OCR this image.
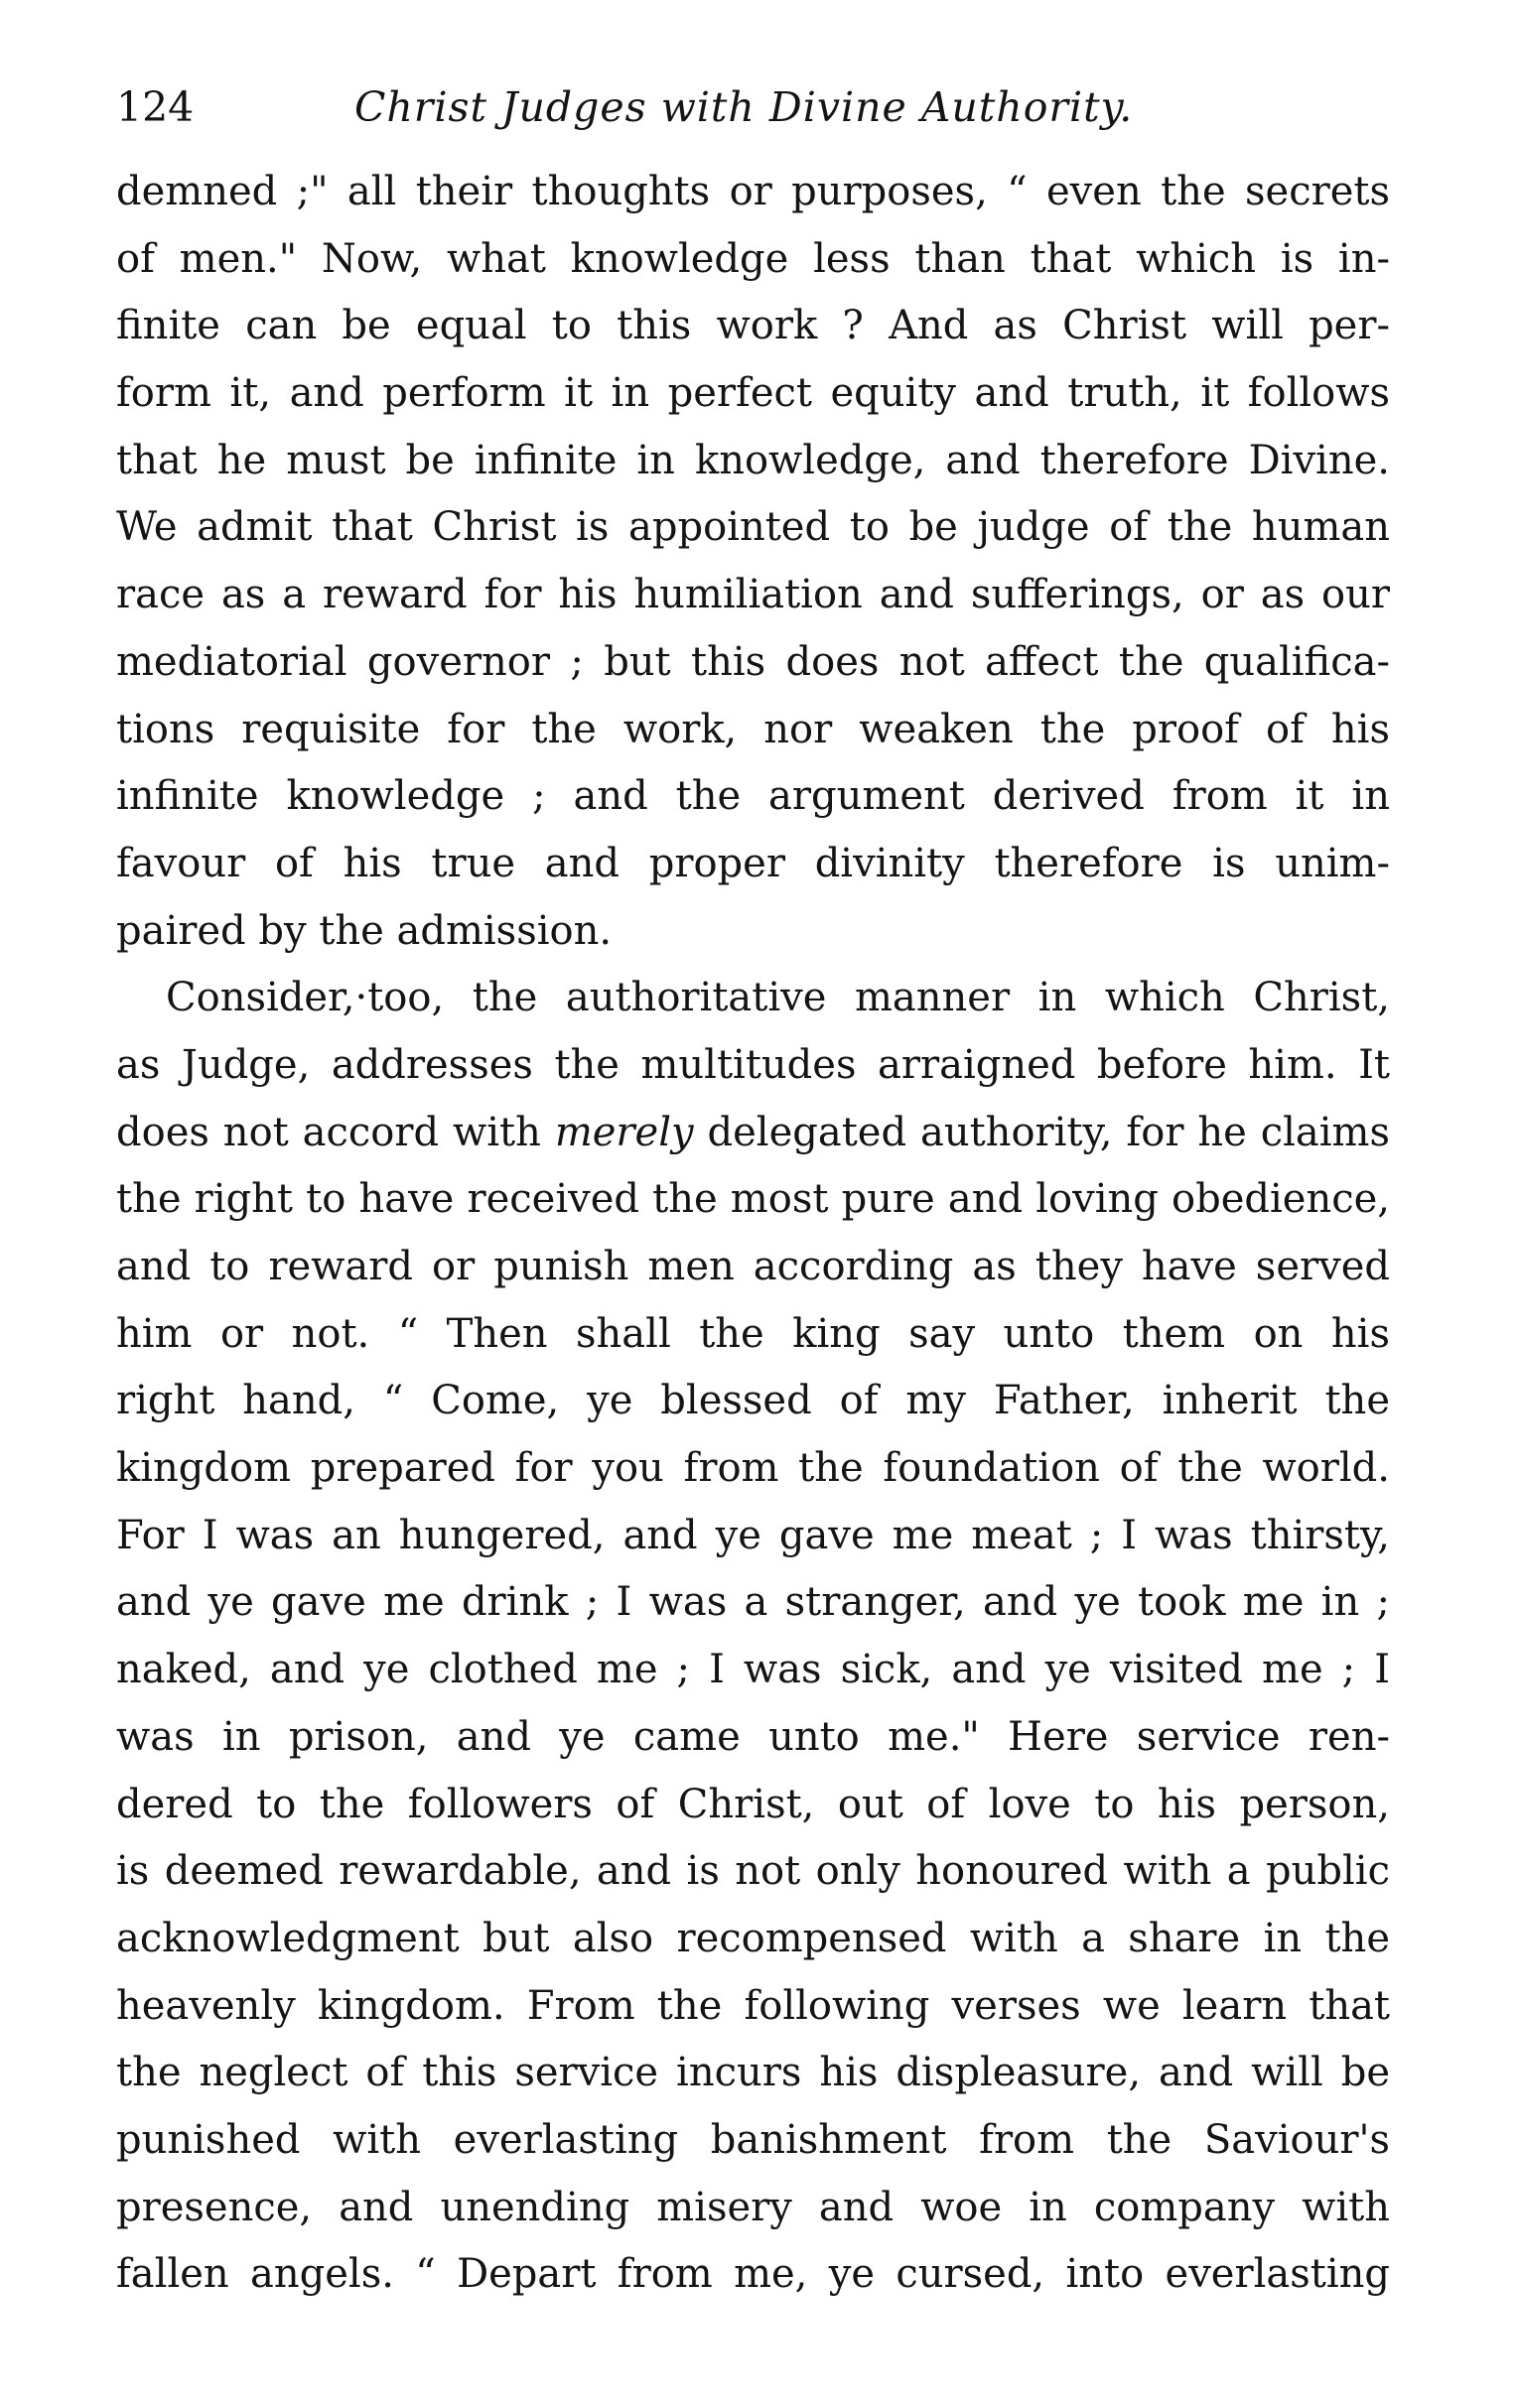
124	Christ Judges with Divine Authority.
demned ;" all their thoughts or purposes, “ even the secrets
of men." Now, what knowledge less than that which is in-
finite can be equal to this work ? And as Christ will per-
form it, and perform it in perfect equity and truth, it follows
that he must be infinite in knowledge, and therefore Divine.
We admit that Christ is appointed to be judge of the human
race as a reward for his humiliation and sufferings, or as our
mediatorial governor ; but this does not affect the qualifica-
tions requisite for the work, nor weaken the proof of his
infinite knowledge ; and the argument derived from it in
favour of his true and proper divinity therefore is unim-
paired by the admission.
Consider,·too, the authoritative manner in which Christ,
as Judge, addresses the multitudes arraigned before him. It
does not accord with merely delegated authority, for he claims
the right to have received the most pure and loving obedience,
and to reward or punish men according as they have served
him or not. “ Then shall the king say unto them on his
right hand, “ Come, ye blessed of my Father, inherit the
kingdom prepared for you from the foundation of the world.
For I was an hungered, and ye gave me meat ; I was thirsty,
and ye gave me drink ; I was a stranger, and ye took me in ;
naked, and ye clothed me ; I was sick, and ye visited me ; I
was in prison, and ye came unto me." Here service ren-
dered to the followers of Christ, out of love to his person,
is deemed rewardable, and is not only honoured with a public
acknowledgment but also recompensed with a share in the
heavenly kingdom. From the following verses we learn that
the neglect of this service incurs his displeasure, and will be
punished with everlasting banishment from the Saviour's
presence, and unending misery and woe in company with
fallen angels. “ Depart from me, ye cursed, into everlasting
